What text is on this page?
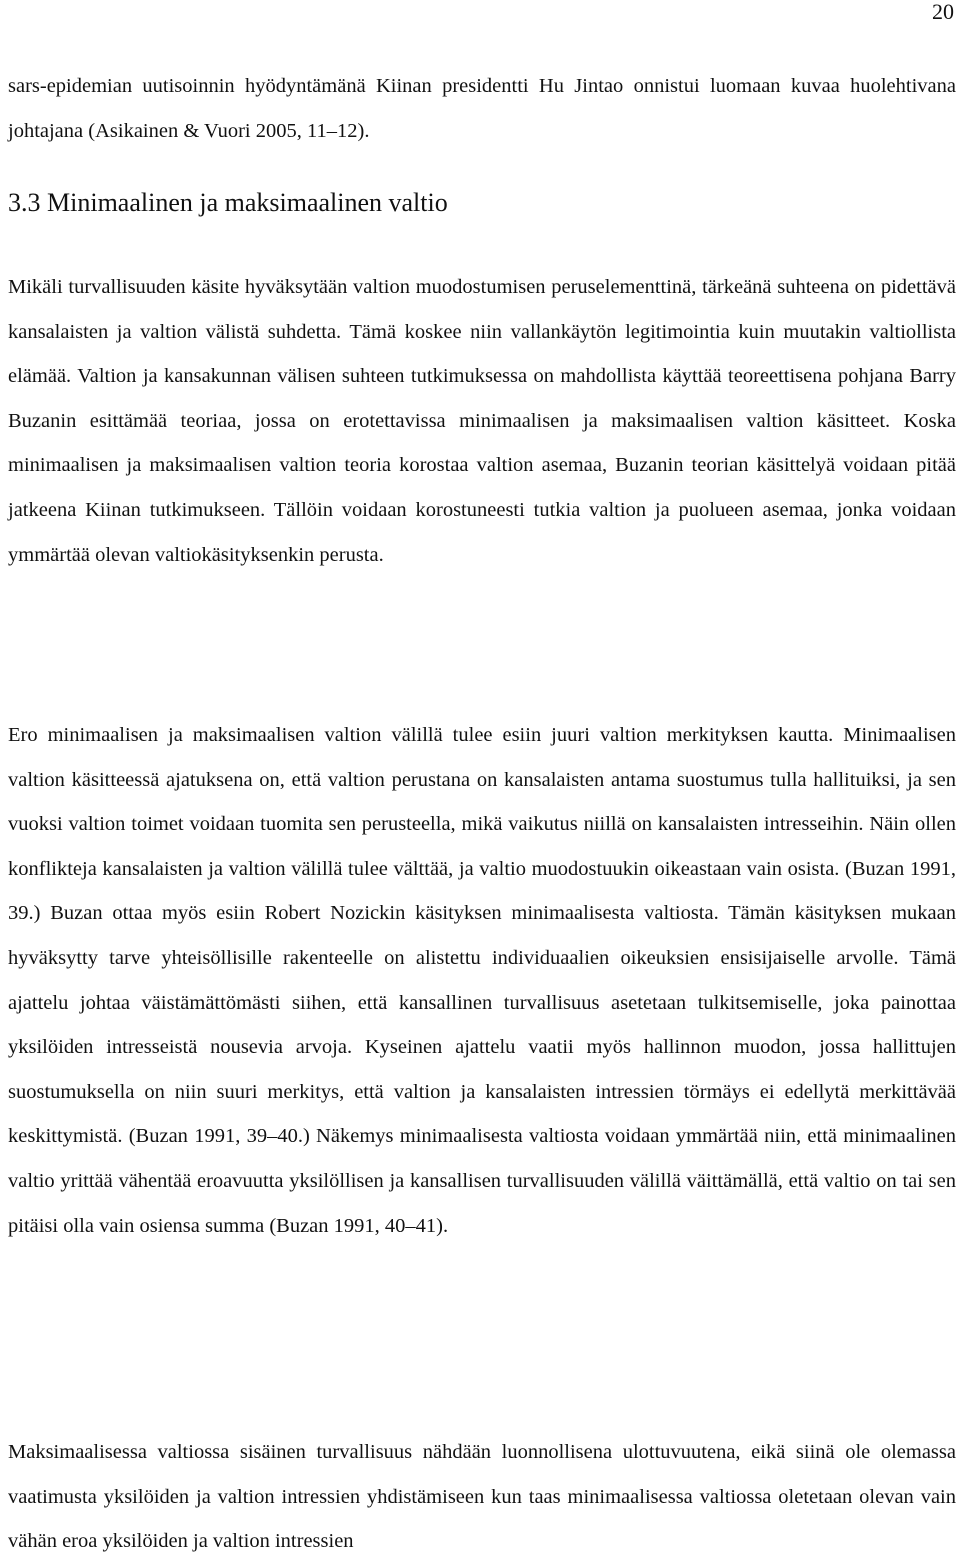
20

sars-epidemian uutisoinnin hyödyntämänä Kiinan presidentti Hu Jintao onnistui luomaan kuvaa huolehtivana johtajana (Asikainen & Vuori 2005, 11–12).

3.3 Minimaalinen ja maksimaalinen valtio

Mikäli turvallisuuden käsite hyväksytään valtion muodostumisen peruselementtinä, tärkeänä suhteena on pidettävä kansalaisten ja valtion välistä suhdetta. Tämä koskee niin vallankäytön legitimointia kuin muutakin valtiollista elämää. Valtion ja kansakunnan välisen suhteen tutkimuksessa on mahdollista käyttää teoreettisena pohjana Barry Buzanin esittämää teoriaa, jossa on erotettavissa minimaalisen ja maksimaalisen valtion käsitteet. Koska minimaalisen ja maksimaalisen valtion teoria korostaa valtion asemaa, Buzanin teorian käsittelyä voidaan pitää jatkeena Kiinan tutkimukseen. Tällöin voidaan korostuneesti tutkia valtion ja puolueen asemaa, jonka voidaan ymmärtää olevan valtiokäsityksenkin perusta.

Ero minimaalisen ja maksimaalisen valtion välillä tulee esiin juuri valtion merkityksen kautta. Minimaalisen valtion käsitteessä ajatuksena on, että valtion perustana on kansalaisten antama suostumus tulla hallituiksi, ja sen vuoksi valtion toimet voidaan tuomita sen perusteella, mikä vaikutus niillä on kansalaisten intresseihin. Näin ollen konflikteja kansalaisten ja valtion välillä tulee välttää, ja valtio muodostuukin oikeastaan vain osista. (Buzan 1991, 39.) Buzan ottaa myös esiin Robert Nozickin käsityksen minimaalisesta valtiosta. Tämän käsityksen mukaan hyväksytty tarve yhteisöllisille rakenteelle on alistettu individuaalien oikeuksien ensisijaiselle arvolle. Tämä ajattelu johtaa väistämättömästi siihen, että kansallinen turvallisuus asetetaan tulkitsemiselle, joka painottaa yksilöiden intresseistä nousevia arvoja. Kyseinen ajattelu vaatii myös hallinnon muodon, jossa hallittujen suostumuksella on niin suuri merkitys, että valtion ja kansalaisten intressien törmäys ei edellytä merkittävää keskittymistä. (Buzan 1991, 39–40.) Näkemys minimaalisesta valtiosta voidaan ymmärtää niin, että minimaalinen valtio yrittää vähentää eroavuutta yksilöllisen ja kansallisen turvallisuuden välillä väittämällä, että valtio on tai sen pitäisi olla vain osiensa summa (Buzan 1991, 40–41).

Maksimaalisessa valtiossa sisäinen turvallisuus nähdään luonnollisena ulottuvuutena, eikä siinä ole olemassa vaatimusta yksilöiden ja valtion intressien yhdistämiseen kun taas minimaalisessa valtiossa oletetaan olevan vain vähän eroa yksilöiden ja valtion intressien
